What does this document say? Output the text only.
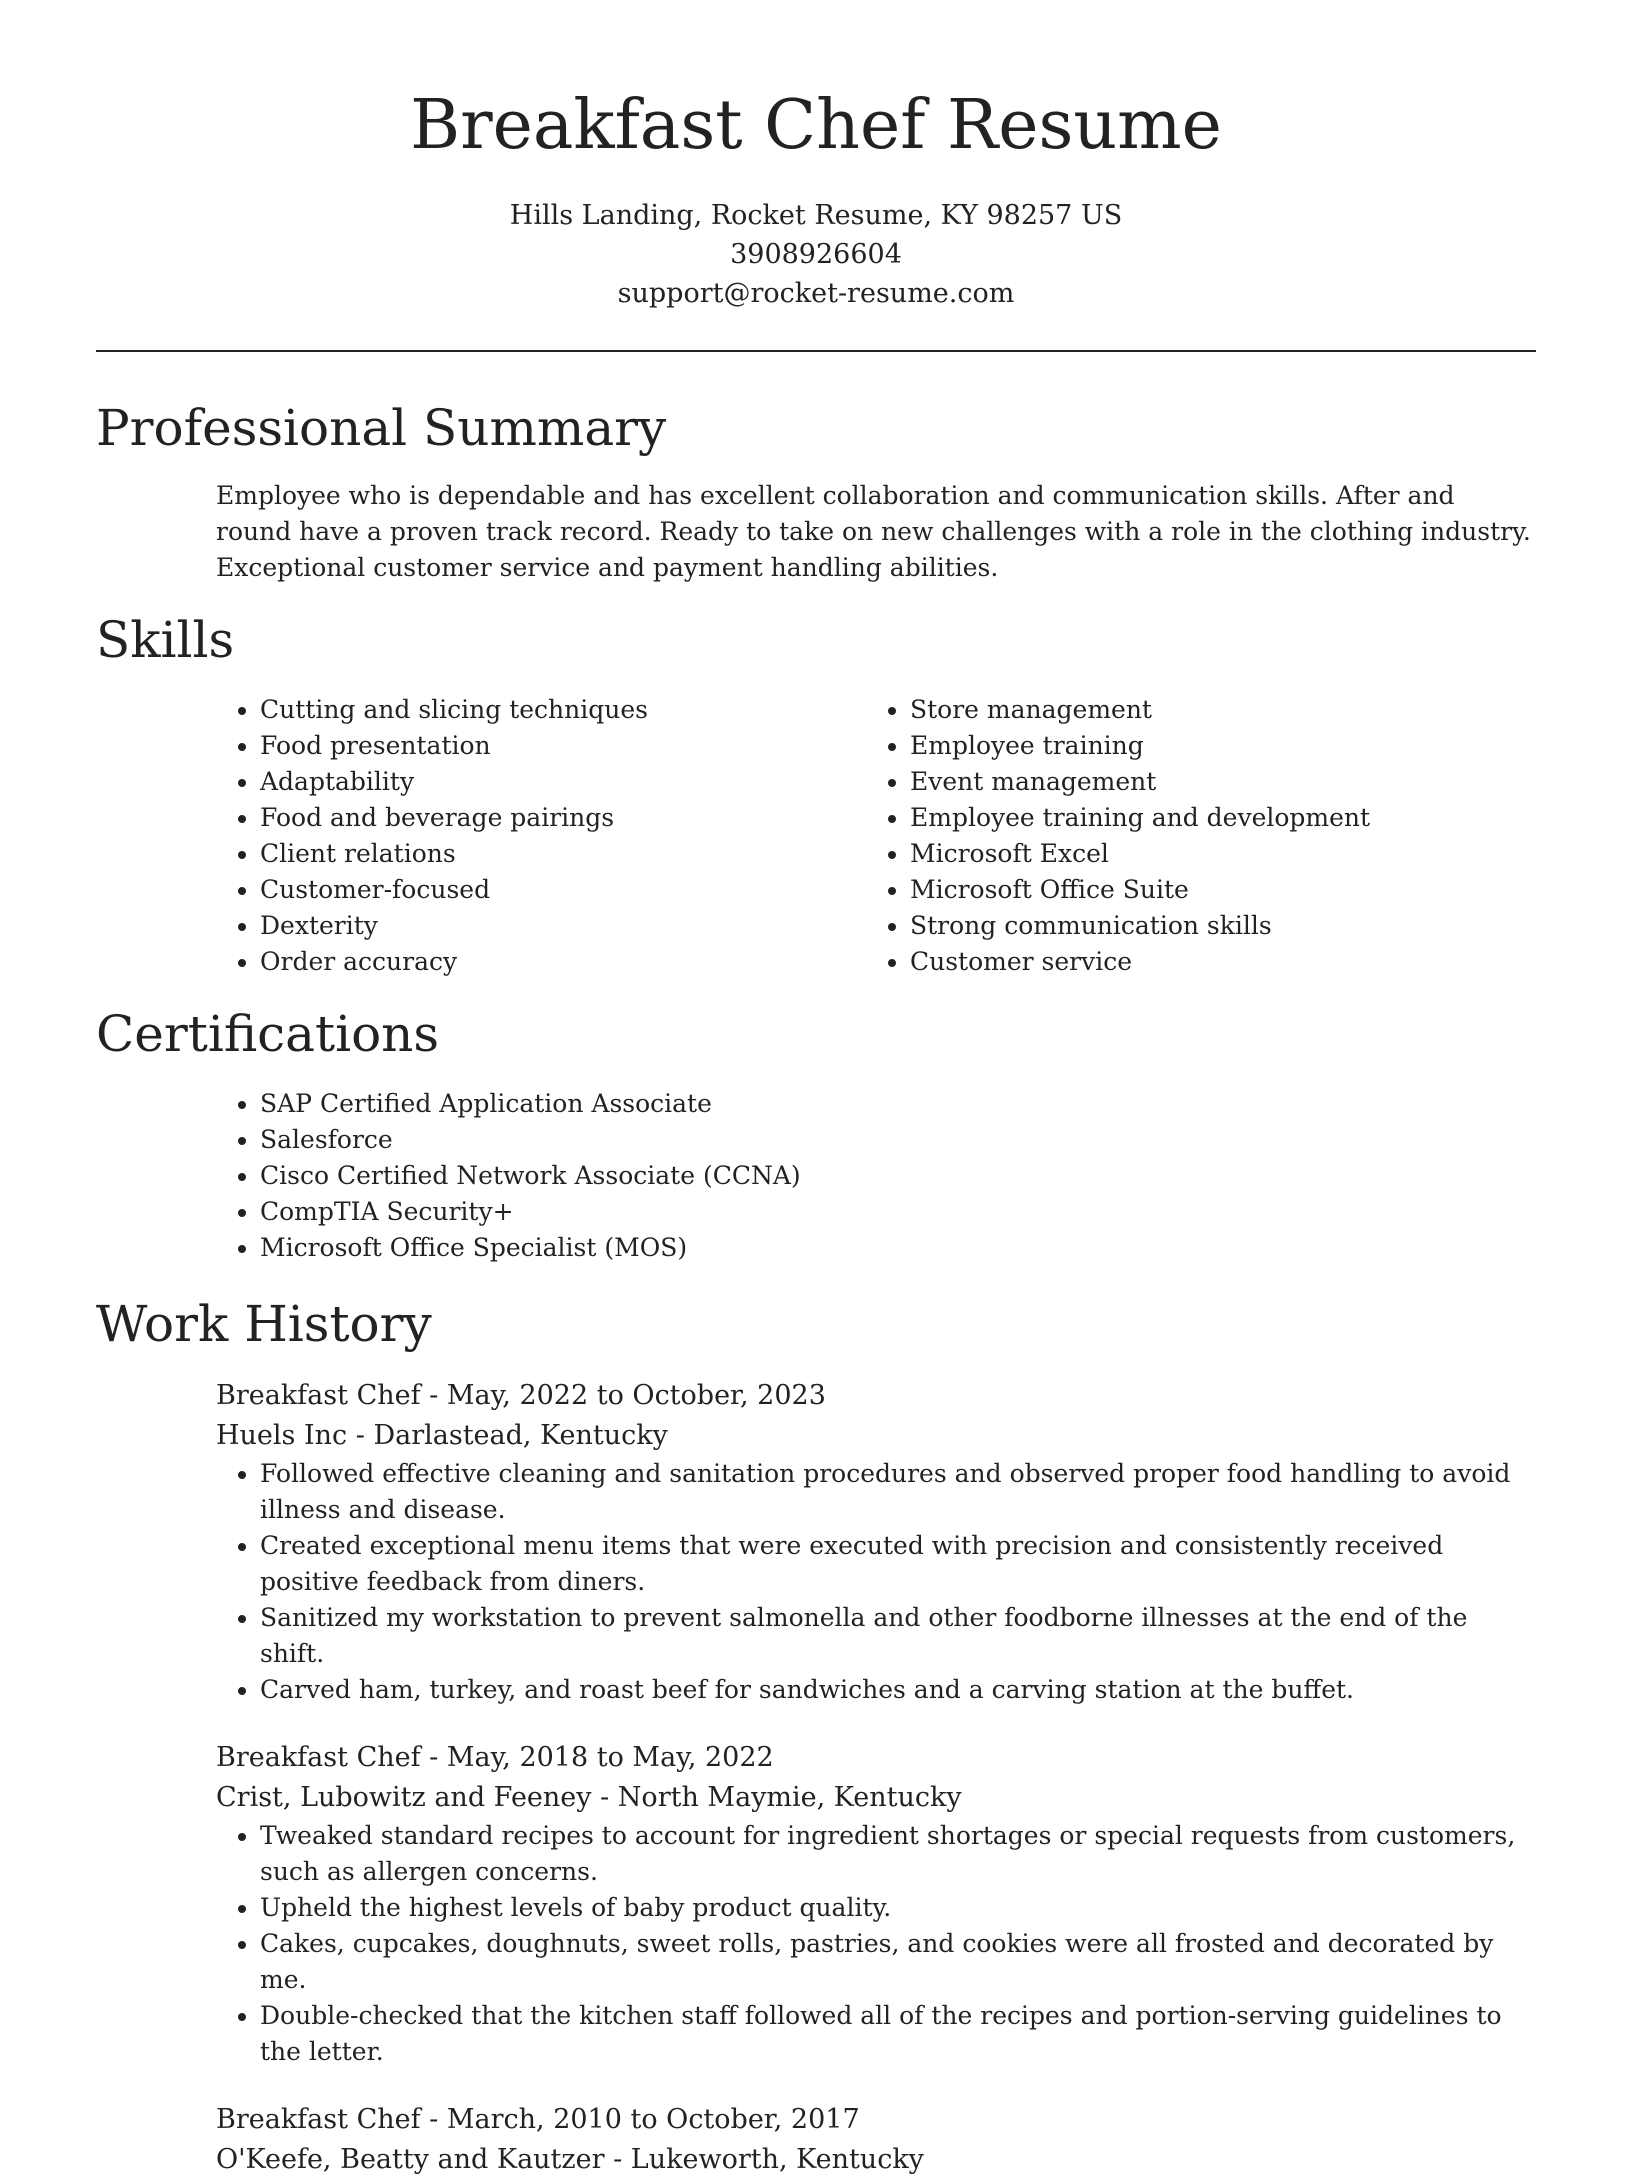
Breakfast Chef Resume
Hills Landing, Rocket Resume, KY 98257 US
3908926604
support@rocket-resume.com
Professional Summary

Employee who is dependable and has excellent collaboration and communication skills. After and round have a proven track record. Ready to take on new challenges with a role in the clothing industry. Exceptional customer service and payment handling abilities.

Skills
• Cutting and slicing techniques
• Food presentation
• Adaptability
• Food and beverage pairings
• Client relations
• Customer-focused
• Dexterity
• Order accuracy
• Store management
• Employee training
• Event management
• Employee training and development
• Microsoft Excel
• Microsoft Office Suite
• Strong communication skills
• Customer service
Certifications
• SAP Certified Application Associate
• Salesforce
• Cisco Certified Network Associate (CCNA)
• CompTIA Security+
• Microsoft Office Specialist (MOS)
Work History
Breakfast Chef - May, 2022 to October, 2023
Huels Inc - Darlastead, Kentucky
• Followed effective cleaning and sanitation procedures and observed proper food handling to avoid illness and disease.
• Created exceptional menu items that were executed with precision and consistently received positive feedback from diners.
• Sanitized my workstation to prevent salmonella and other foodborne illnesses at the end of the shift.
• Carved ham, turkey, and roast beef for sandwiches and a carving station at the buffet.
Breakfast Chef - May, 2018 to May, 2022
Crist, Lubowitz and Feeney - North Maymie, Kentucky
• Tweaked standard recipes to account for ingredient shortages or special requests from customers, such as allergen concerns.
• Upheld the highest levels of baby product quality.
• Cakes, cupcakes, doughnuts, sweet rolls, pastries, and cookies were all frosted and decorated by me.
• Double-checked that the kitchen staff followed all of the recipes and portion-serving guidelines to the letter.
Breakfast Chef - March, 2010 to October, 2017
O'Keefe, Beatty and Kautzer - Lukeworth, Kentucky
